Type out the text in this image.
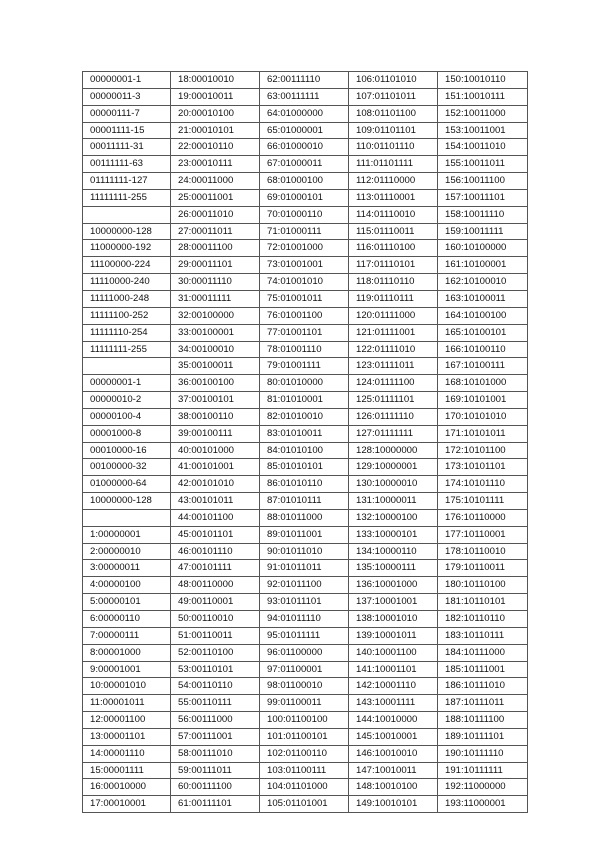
00000001-1	18:00010010	62:00111110	106:01101010	150:10010110
00000011-3	19:00010011	63:00111111	107:01101011	151:10010111
00000111-7	20:00010100	64:01000000	108:01101100	152:10011000
00001111-15	21:00010101	65:01000001	109:01101101	153:10011001
00011111-31	22:00010110	66:01000010	110:01101110	154:10011010
00111111-63	23:00010111	67:01000011	111:01101111	155:10011011
01111111-127	24:00011000	68:01000100	112:01110000	156:10011100
11111111-255	25:00011001	69:01000101	113:01110001	157:10011101
	26:00011010	70:01000110	114:01110010	158:10011110
10000000-128	27:00011011	71:01000111	115:01110011	159:10011111
11000000-192	28:00011100	72:01001000	116:01110100	160:10100000
11100000-224	29:00011101	73:01001001	117:01110101	161:10100001
11110000-240	30:00011110	74:01001010	118:01110110	162:10100010
11111000-248	31:00011111	75:01001011	119:01110111	163:10100011
11111100-252	32:00100000	76:01001100	120:01111000	164:10100100
11111110-254	33:00100001	77:01001101	121:01111001	165:10100101
11111111-255	34:00100010	78:01001110	122:01111010	166:10100110
	35:00100011	79:01001111	123:01111011	167:10100111
00000001-1	36:00100100	80:01010000	124:01111100	168:10101000
00000010-2	37:00100101	81:01010001	125:01111101	169:10101001
00000100-4	38:00100110	82:01010010	126:01111110	170:10101010
00001000-8	39:00100111	83:01010011	127:01111111	171:10101011
00010000-16	40:00101000	84:01010100	128:10000000	172:10101100
00100000-32	41:00101001	85:01010101	129:10000001	173:10101101
01000000-64	42:00101010	86:01010110	130:10000010	174:10101110
10000000-128	43:00101011	87:01010111	131:10000011	175:10101111
	44:00101100	88:01011000	132:10000100	176:10110000
1:00000001	45:00101101	89:01011001	133:10000101	177:10110001
2:00000010	46:00101110	90:01011010	134:10000110	178:10110010
3:00000011	47:00101111	91:01011011	135:10000111	179:10110011
4:00000100	48:00110000	92:01011100	136:10001000	180:10110100
5:00000101	49:00110001	93:01011101	137:10001001	181:10110101
6:00000110	50:00110010	94:01011110	138:10001010	182:10110110
7:00000111	51:00110011	95:01011111	139:10001011	183:10110111
8:00001000	52:00110100	96:01100000	140:10001100	184:10111000
9:00001001	53:00110101	97:01100001	141:10001101	185:10111001
10:00001010	54:00110110	98:01100010	142:10001110	186:10111010
11:00001011	55:00110111	99:01100011	143:10001111	187:10111011
12:00001100	56:00111000	100:01100100	144:10010000	188:10111100
13:00001101	57:00111001	101:01100101	145:10010001	189:10111101
14:00001110	58:00111010	102:01100110	146:10010010	190:10111110
15:00001111	59:00111011	103:01100111	147:10010011	191:10111111
16:00010000	60:00111100	104:01101000	148:10010100	192:11000000
17:00010001	61:00111101	105:01101001	149:10010101	193:11000001
